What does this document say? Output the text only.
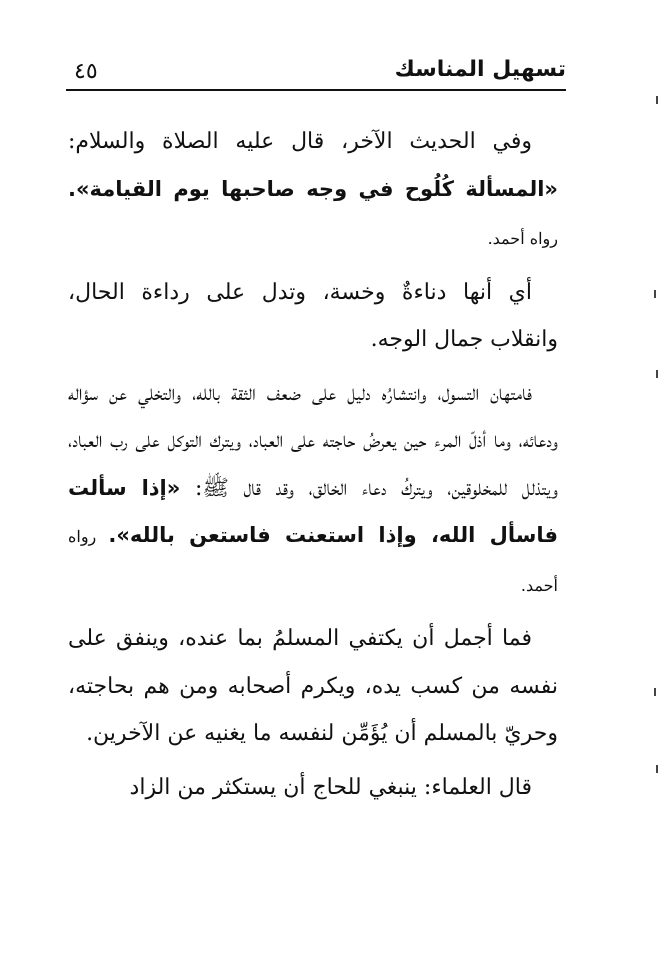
تسهيل المناسك
٤٥

وفي الحديث الآخر، قال عليه الصلاة والسلام: «المسألة كُلُوح في وجه صاحبها يوم القيامة». رواه أحمد.

أي أنها دناءةٌ وخسة، وتدل على رداءة الحال، وانقلاب جمال الوجه.

فامتهان التسول، وانتشارُه دليل على ضعف الثقة بالله، والتخلي عن سؤاله ودعائه، وما أذلّ المرء حين يعرضُ حاجته على العباد، ويترك التوكل على رب العباد، ويتذلل للمخلوقين، ويتركُ دعاء الخالق، وقد قال ﷺ: «إذا سألت فاسأل الله، وإذا استعنت فاستعن بالله». رواه أحمد.

فما أجمل أن يكتفي المسلمُ بما عنده، وينفق على نفسه من كسب يده، ويكرم أصحابه ومن هم بحاجته، وحريّ بالمسلم أن يُؤَمِّن لنفسه ما يغنيه عن الآخرين.

قال العلماء: ينبغي للحاج أن يستكثر من الزاد
